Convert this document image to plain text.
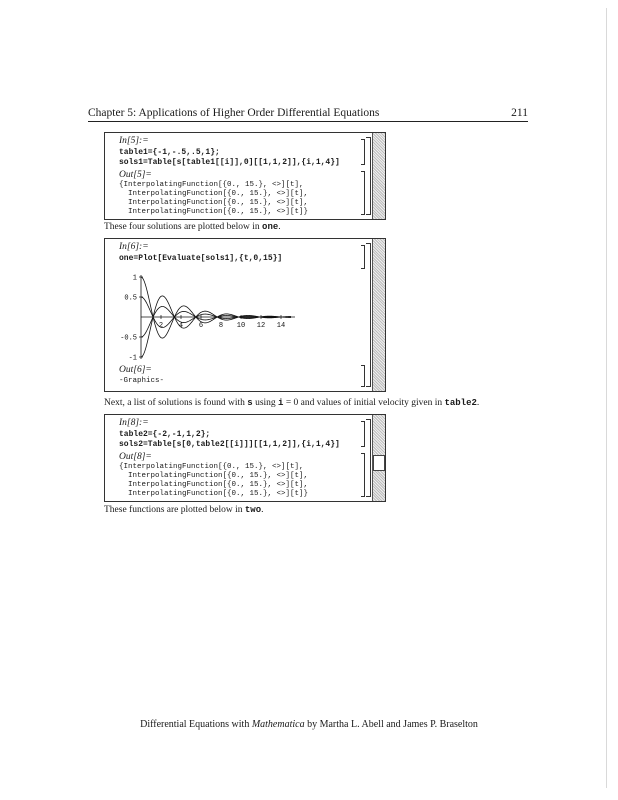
Chapter 5: Applications of Higher Order Differential Equations	211
In[5]:=
table1={-1,-.5,.5,1};
sols1=Table[s[table1[[i]],0][[1,1,2]],{i,1,4}]
Out[5]=
{InterpolatingFunction[{0., 15.}, <>][t],
InterpolatingFunction[{0., 15.}, <>][t],
InterpolatingFunction[{0., 15.}, <>][t],
InterpolatingFunction[{0., 15.}, <>][t]}
These four solutions are plotted below in one.
In[6]:=
one=Plot[Evaluate[sols1],{t,0,15}]
2 4 6 8 10 12 14
1
0.5
-0.5
-1
Out[6]=
-Graphics-
Next, a list of solutions is found with s using i = 0 and values of initial velocity given in table2.
In[8]:=
table2={-2,-1,1,2};
sols2=Table[s[0,table2[[i]]][[1,1,2]],{i,1,4}]
Out[8]=
{InterpolatingFunction[{0., 15.}, <>][t],
InterpolatingFunction[{0., 15.}, <>][t],
InterpolatingFunction[{0., 15.}, <>][t],
InterpolatingFunction[{0., 15.}, <>][t]}
These functions are plotted below in two.
Differential Equations with Mathematica by Martha L. Abell and James P. Braselton
